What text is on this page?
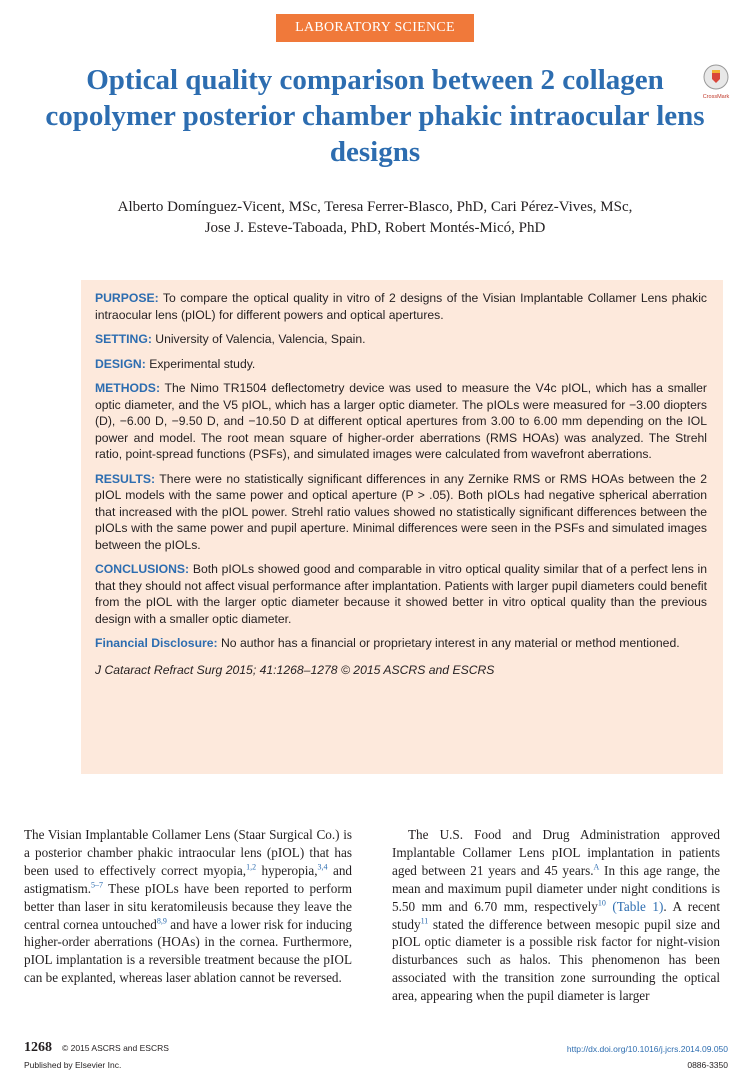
LABORATORY SCIENCE
CrossMark
Optical quality comparison between 2 collagen copolymer posterior chamber phakic intraocular lens designs
Alberto Domínguez-Vicent, MSc, Teresa Ferrer-Blasco, PhD, Cari Pérez-Vives, MSc,
Jose J. Esteve-Taboada, PhD, Robert Montés-Micó, PhD

PURPOSE: To compare the optical quality in vitro of 2 designs of the Visian Implantable Collamer Lens phakic intraocular lens (pIOL) for different powers and optical apertures.

SETTING: University of Valencia, Valencia, Spain.

DESIGN: Experimental study.

METHODS: The Nimo TR1504 deflectometry device was used to measure the V4c pIOL, which has a smaller optic diameter, and the V5 pIOL, which has a larger optic diameter. The pIOLs were measured for −3.00 diopters (D), −6.00 D, −9.50 D, and −10.50 D at different optical apertures from 3.00 to 6.00 mm depending on the IOL power and model. The root mean square of higher-order aberrations (RMS HOAs) was analyzed. The Strehl ratio, point-spread functions (PSFs), and simulated images were calculated from wavefront aberrations.

RESULTS: There were no statistically significant differences in any Zernike RMS or RMS HOAs between the 2 pIOL models with the same power and optical aperture (P > .05). Both pIOLs had negative spherical aberration that increased with the pIOL power. Strehl ratio values showed no statistically significant differences between the pIOLs with the same power and pupil aperture. Minimal differences were seen in the PSFs and simulated images between the pIOLs.

CONCLUSIONS: Both pIOLs showed good and comparable in vitro optical quality similar that of a perfect lens in that they should not affect visual performance after implantation. Patients with larger pupil diameters could benefit from the pIOL with the larger optic diameter because it showed better in vitro optical quality than the previous design with a smaller optic diameter.

Financial Disclosure: No author has a financial or proprietary interest in any material or method mentioned.

J Cataract Refract Surg 2015; 41:1268–1278 © 2015 ASCRS and ESCRS

The Visian Implantable Collamer Lens (Staar Surgical Co.) is a posterior chamber phakic intraocular lens (pIOL) that has been used to effectively correct myopia,$^{1,2}$ hyperopia,$^{3,4}$ and astigmatism.$^{5-7}$ These pIOLs have been reported to perform better than laser in situ keratomileusis because they leave the central cornea untouched$^{8,9}$ and have a lower risk for inducing higher-order aberrations (HOAs) in the cornea. Furthermore, pIOL implantation is a reversible treatment because the pIOL can be explanted, whereas laser ablation cannot be reversed.
The U.S. Food and Drug Administration approved Implantable Collamer Lens pIOL implantation in patients aged between 21 years and 45 years.$^A$ In this age range, the mean and maximum pupil diameter under night conditions is 5.50 mm and 6.70 mm, respectively$^{10}$ (Table 1). A recent study$^{11}$ stated the difference between mesopic pupil size and pIOL optic diameter is a possible risk factor for night-vision disturbances such as halos. This phenomenon has been associated with the transition zone surrounding the optical area, appearing when the pupil diameter is larger
1268 © 2015 ASCRS and ESCRS
Published by Elsevier Inc.
http://dx.doi.org/10.1016/j.jcrs.2014.09.050
0886-3350
